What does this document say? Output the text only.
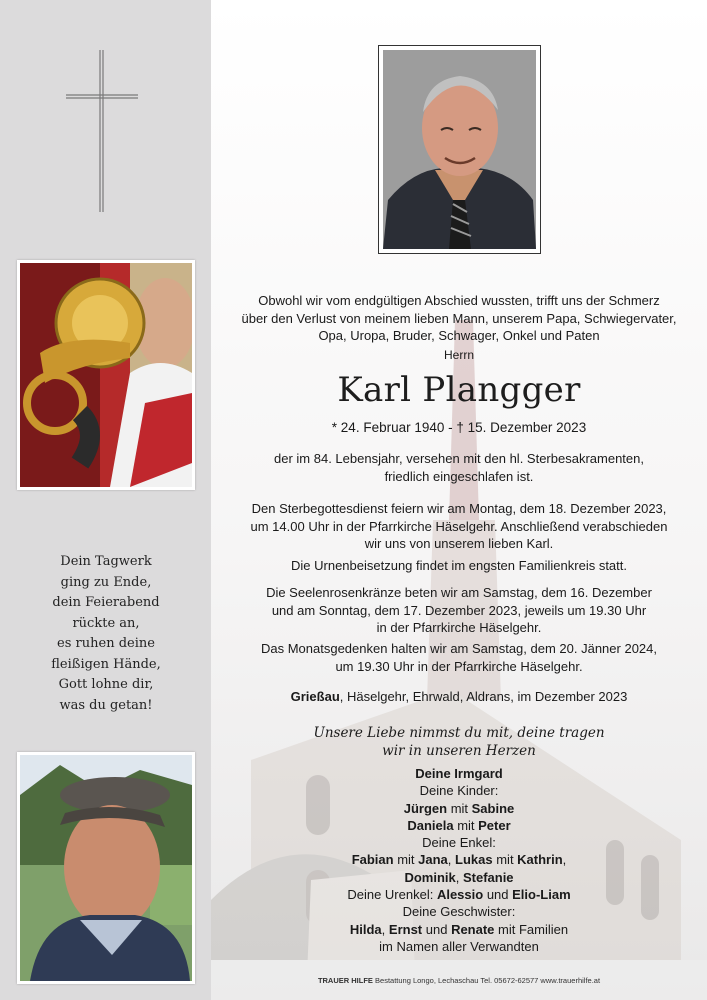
Dein Tagwerk
ging zu Ende,
dein Feierabend
rückte an,
es ruhen deine
fleißigen Hände,
Gott lohne dir,
was du getan!
Obwohl wir vom endgültigen Abschied wussten, trifft uns der Schmerz
über den Verlust von meinem lieben Mann, unserem Papa, Schwiegervater,
Opa, Uropa, Bruder, Schwager, Onkel und Paten
Herrn
Karl Plangger
* 24. Februar 1940 - † 15. Dezember 2023
der im 84. Lebensjahr, versehen mit den hl. Sterbesakramenten,
friedlich eingeschlafen ist.
Den Sterbegottesdienst feiern wir am Montag, dem 18. Dezember 2023,
um 14.00 Uhr in der Pfarrkirche Häselgehr. Anschließend verabschieden
wir uns von unserem lieben Karl.
Die Urnenbeisetzung findet im engsten Familienkreis statt.
Die Seelenrosenkränze beten wir am Samstag, dem 16. Dezember
und am Sonntag, dem 17. Dezember 2023, jeweils um 19.30 Uhr
in der Pfarrkirche Häselgehr.
Das Monatsgedenken halten wir am Samstag, dem 20. Jänner 2024,
um 19.30 Uhr in der Pfarrkirche Häselgehr.
Grießau, Häselgehr, Ehrwald, Aldrans, im Dezember 2023
Unsere Liebe nimmst du mit, deine tragen
wir in unseren Herzen
Deine Irmgard
Deine Kinder:
Jürgen mit Sabine
Daniela mit Peter
Deine Enkel:
Fabian mit Jana, Lukas mit Kathrin,
Dominik, Stefanie
Deine Urenkel: Alessio und Elio-Liam
Deine Geschwister:
Hilda, Ernst und Renate mit Familien
im Namen aller Verwandten
TRAUER HILFE Bestattung Longo, Lechaschau Tel. 05672-62577 www.trauerhilfe.at
